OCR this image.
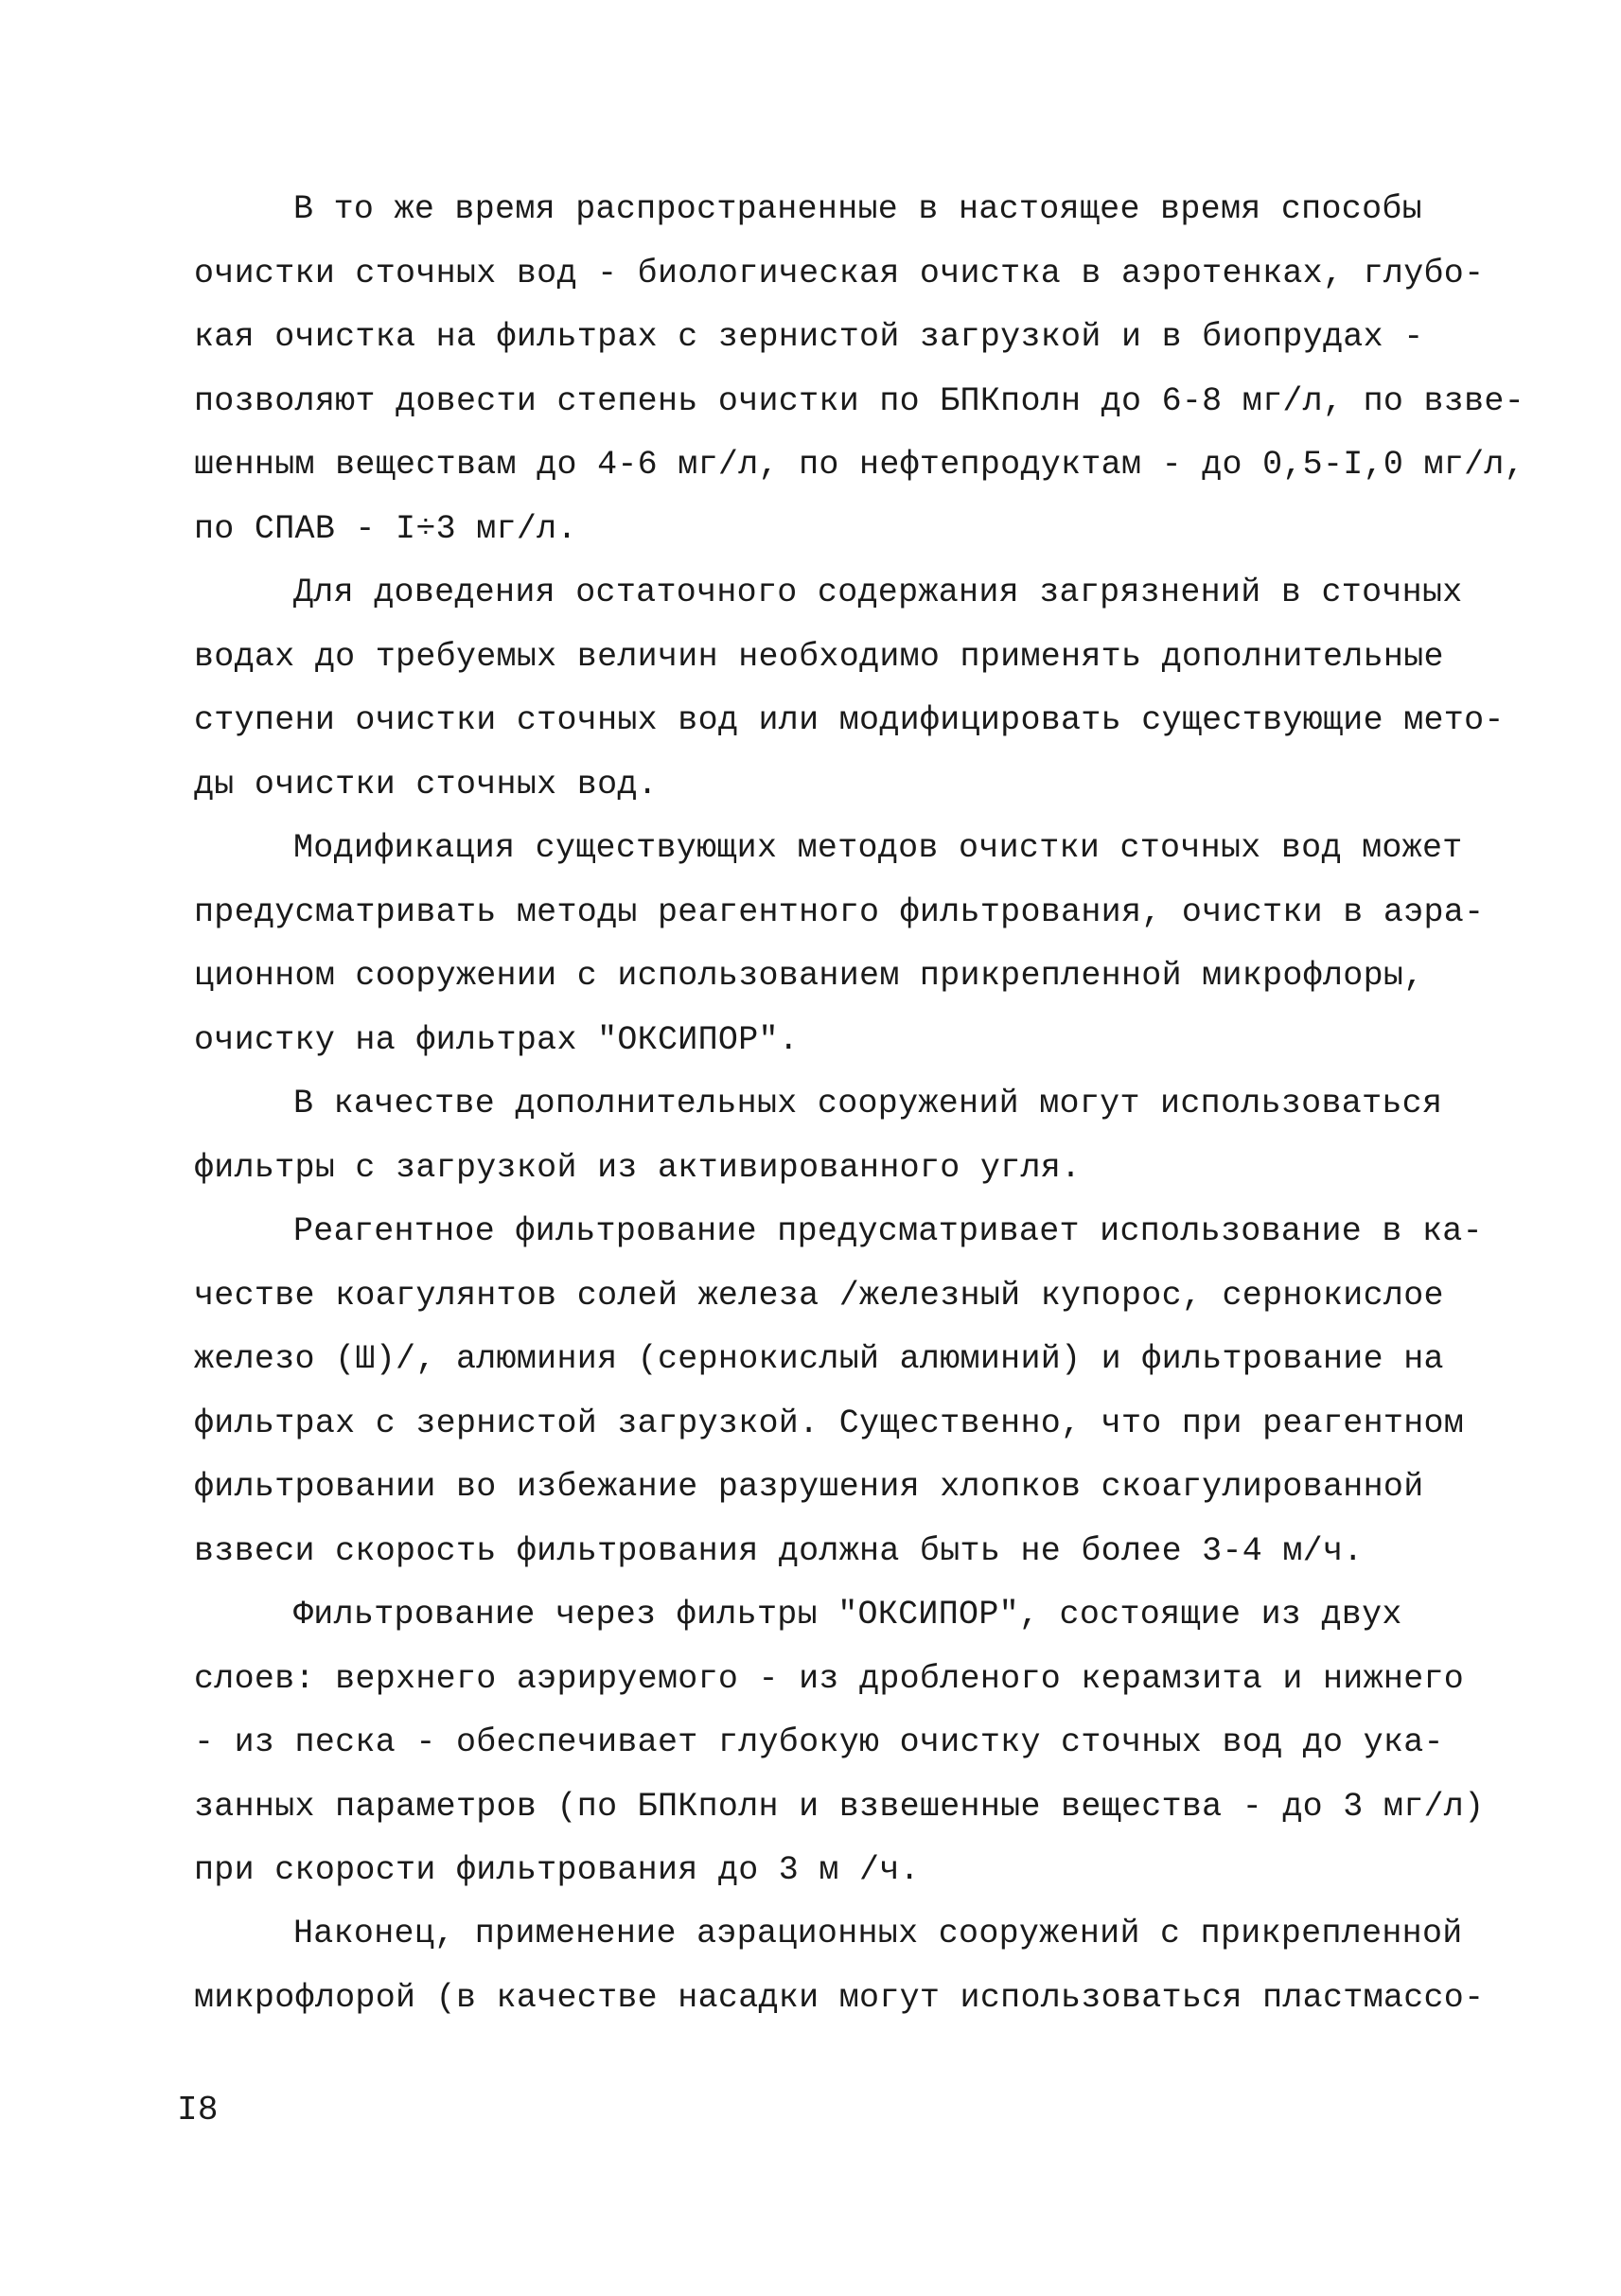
В то же время распространенные в настоящее время способы
очистки сточных вод - биологическая очистка в аэротенках, глубо-
кая очистка на фильтрах с зернистой загрузкой и в биопрудах -
позволяют довести степень очистки по БПКполн до 6-8 мг/л, по взве-
шенным веществам до 4-6 мг/л, по нефтепродуктам - до 0,5-I,0 мг/л,
по СПАВ - I÷3 мг/л.
Для доведения остаточного содержания загрязнений в сточных
водах до требуемых величин необходимо применять дополнительные
ступени очистки сточных вод или модифицировать существующие мето-
ды очистки сточных вод.
Модификация существующих методов очистки сточных вод может
предусматривать методы реагентного фильтрования, очистки в аэра-
ционном сооружении с использованием прикрепленной микрофлоры,
очистку на фильтрах "ОКСИПОР".
В качестве дополнительных сооружений могут использоваться
фильтры с загрузкой из активированного угля.
Реагентное фильтрование предусматривает использование в ка-
честве коагулянтов солей железа /железный купорос, сернокислое
железо (Ш)/, алюминия (сернокислый алюминий) и фильтрование на
фильтрах с зернистой загрузкой. Существенно, что при реагентном
фильтровании во избежание разрушения хлопков скоагулированной
взвеси скорость фильтрования должна быть не более 3-4 м/ч.
Фильтрование через фильтры "ОКСИПОР", состоящие из двух
слоев: верхнего аэрируемого - из дробленого керамзита и нижнего
- из песка - обеспечивает глубокую очистку сточных вод до ука-
занных параметров (по БПКполн и взвешенные вещества - до 3 мг/л)
при скорости фильтрования до 3 м /ч.
Наконец, применение аэрационных сооружений с прикрепленной
микрофлорой (в качестве насадки могут использоваться пластмассо-
I8
